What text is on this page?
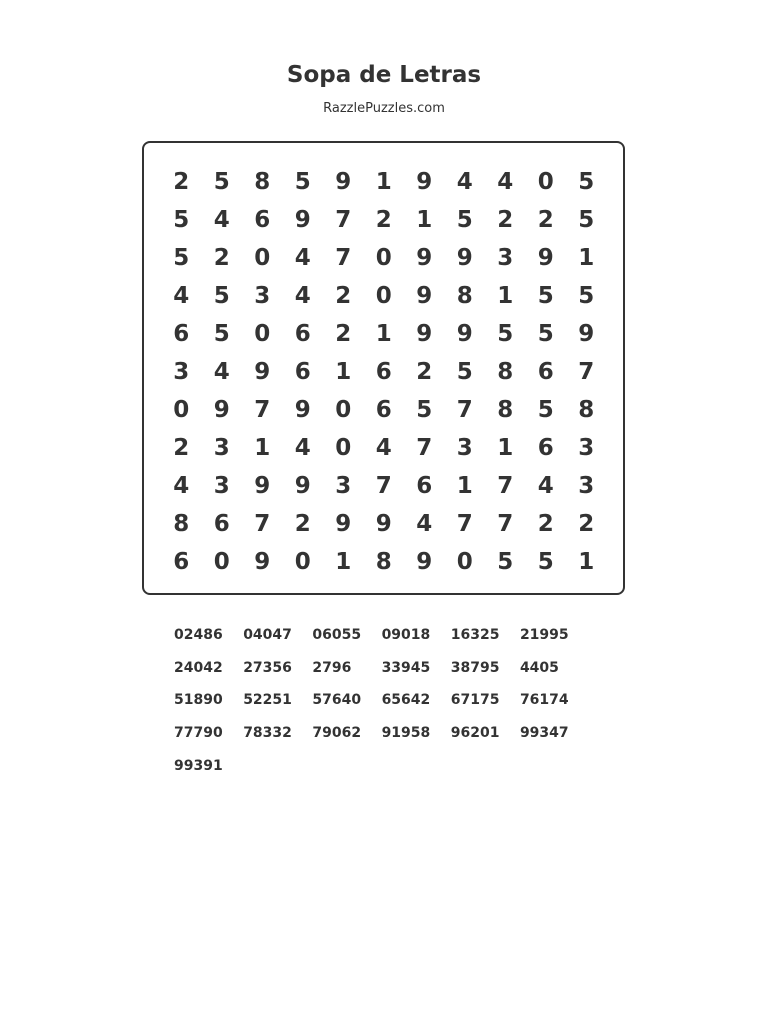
Sopa de Letras
RazzlePuzzles.com
2	5	8	5	9	1	9	4	4	0	5
5	4	6	9	7	2	1	5	2	2	5
5	2	0	4	7	0	9	9	3	9	1
4	5	3	4	2	0	9	8	1	5	5
6	5	0	6	2	1	9	9	5	5	9
3	4	9	6	1	6	2	5	8	6	7
0	9	7	9	0	6	5	7	8	5	8
2	3	1	4	0	4	7	3	1	6	3
4	3	9	9	3	7	6	1	7	4	3
8	6	7	2	9	9	4	7	7	2	2
6	0	9	0	1	8	9	0	5	5	1
02486	04047	06055	09018	16325	21995
24042	27356	2796	33945	38795	4405
51890	52251	57640	65642	67175	76174
77790	78332	79062	91958	96201	99347
99391
